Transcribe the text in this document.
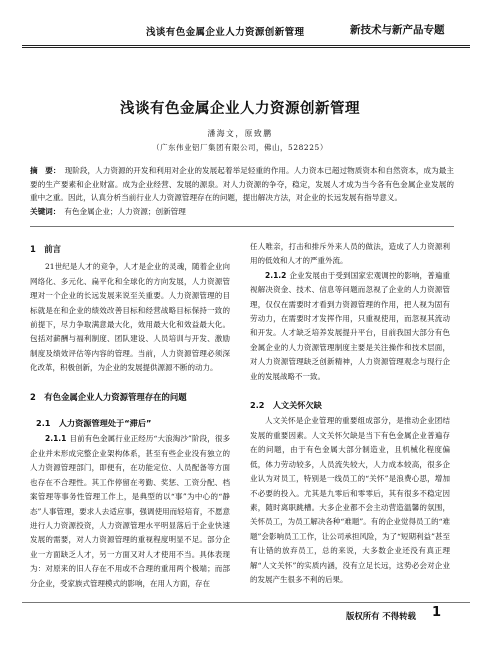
浅谈有色金属企业人力资源创新管理	新技术与新产品专题
浅谈有色金属企业人力资源创新管理
潘海文，原致鹏
（广东伟业铝厂集团有限公司，佛山，528225）
摘　要： 现阶段，人力资源的开发和利用对企业的发展起着举足轻重的作用。人力资本已超过物质资本和自然资本，成为最主要的生产要素和企业财富。成为企业经营、发展的源泉。对人力资源的争夺，稳定，发展人才成为当今各有色金属企业发展的重中之重。因此，认真分析当前行业人力资源管理存在的问题，提出解决方法，对企业的长远发展有指导意义。
关键词： 有色金属企业；人力资源；创新管理
1　前言

21世纪是人才的竞争，人才是企业的灵魂，随着企业向网络化、多元化、扁平化和全球化的方向发展，人力资源管理对一个企业的长远发展来说至关重要。人力资源管理的目标就是在和企业的绩效改善目标和经营战略目标保持一致的前提下，尽力争取满意最大化，效用最大化和效益最大化。包括对薪酬与福利制度、团队建设、人员培训与开发、激励制度及绩效评估等内容的管理。当前，人力资源管理必须深化改革，积极创新，为企业的发展提供源源不断的动力。

2　有色金属企业人力资源管理存在的问题
2.1　人力资源管理处于“滞后”

2.1.1 目前有色金属行业正经历“大浪淘沙”阶段，很多企业并未形成完整企业架构体系，甚至有些企业没有独立的人力资源管理部门，即便有，在功能定位、人员配备等方面也存在不合理性。其工作停留在考勤、奖惩、工资分配、档案管理等事务性管理工作上，是典型的以“事”为中心的“静态”人事管理，要求人去适应事，强调使用而轻培育，不愿意进行人力资源投资，人力资源管理水平明显落后于企业快速发展的需要，对人力资源管理的重视程度明显不足。部分企业一方面缺乏人才，另一方面又对人才使用不当。具体表现为：对原来的旧人存在不用或不合理的重用两个极端；而部分企业，受家族式管理模式的影响，在用人方面，存在

任人唯亲，打击和排斥外来人员的做法，造成了人力资源利用的低效和人才的严重外流。

2.1.2 企业发展由于受到国家宏观调控的影响，普遍重视解决资金、技术、信息等问题而忽视了企业的人力资源管理，仅仅在需要时才看到力资源管理的作用，把人视为固有劳动力，在需要时才发挥作用，只重视使用，而忽视其流动和开发。人才缺乏培养发展提升平台，目前我国大部分有色金属企业的人力资源管理制度主要是关注操作和技术层面，对人力资源管理缺乏创新精神，人力资源管理观念与现行企业的发展战略不一致。

2.2　人文关怀欠缺

人文关怀是企业管理的重要组成部分，是推动企业团结发展的重要因素。人文关怀欠缺是当下有色金属企业普遍存在的问题，由于有色金属大部分制造业，且机械化程度偏低，体力劳动较多，人员流失较大，人力成本较高，很多企业认为对员工，特别是一线员工的“关怀”是浪费心思，增加不必要的投入。尤其是九零后和零零后，其有很多不稳定因素，随时离职跳槽。大多企业都不会主动营造温馨的氛围，关怀员工，为员工解决各种“难题”。有的企业觉得员工的“难题”会影响员工工作，让公司承担风险，为了“短期利益”甚至有让错的放弃员工，总的来说，大多数企业还没有真正理解“人文关怀”的实质内涵，没有立足长远，这势必会对企业的发展产生很多不利的后果。

版权所有 不得转载 1
